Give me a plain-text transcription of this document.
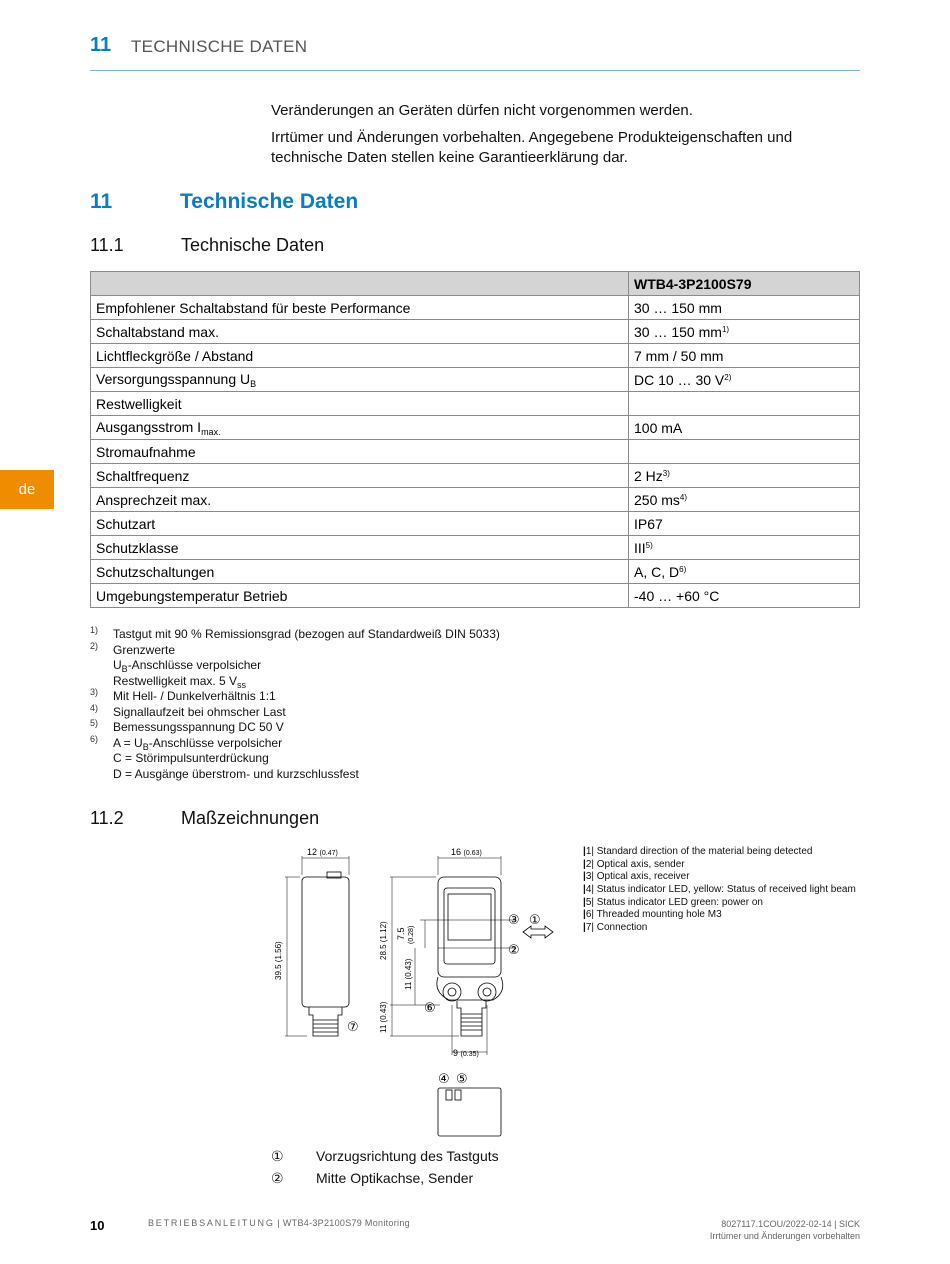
11 TECHNISCHE DATEN
de
Veränderungen an Geräten dürfen nicht vorgenommen werden.
Irrtümer und Änderungen vorbehalten. Angegebene Produkteigenschaften und technische Daten stellen keine Garantieerklärung dar.
11	Technische Daten
11.1	Technische Daten
	WTB4-3P2100S79
Empfohlener Schaltabstand für beste Performance	30 … 150 mm
Schaltabstand max.	30 … 150 $mm^{1)}$
Lichtfleckgröße / Abstand	7 mm / 50 mm
Versorgungsspannung $U_B$	DC 10 … 30 $V^{2)}$
Restwelligkeit	
Ausgangsstrom $I_{max.}$	100 mA
Stromaufnahme	
Schaltfrequenz	2 Hz$^{3)}$
Ansprechzeit max.	250 $ms^{4)}$
Schutzart	IP67
Schutzklasse	III$^{5)}$
Schutzschaltungen	A, C, $D^{6)}$
Umgebungstemperatur Betrieb	-40 … +60 °C
1) Tastgut mit 90 % Remissionsgrad (bezogen auf Standardweiß DIN 5033)
2) Grenzwerte
$U_B$-Anschlüsse verpolsicher
Restwelligkeit max. 5 $V_{ss}$
3) Mit Hell- / Dunkelverhältnis 1:1
4) Signallaufzeit bei ohmscher Last
5) Bemessungsspannung DC 50 V
6) $A = U_B$-Anschlüsse verpolsicher
C = Störimpulsunterdrückung
D = Ausgänge überstrom- und kurzschlussfest
11.2	Maßzeichnungen
12 (0.47)	16 (0.63)
39.5 (1.56)
28.5 (1.12) 7.5 (0.28)
11 (0.43)
11 (0.43)
9 (0.35)
③ ①
②
⑥
⑦
④ ⑤
|1| Standard direction of the material being detected
|2| Optical axis, sender
|3| Optical axis, receiver
|4| Status indicator LED, yellow: Status of received light beam
|5| Status indicator LED green: power on
|6| Threaded mounting hole M3
|7| Connection
① Vorzugsrichtung des Tastguts
② Mitte Optikachse, Sender
10	BETRIEBSANLEITUNG | WTB4-3P2100S79 Monitoring	8027117.1COU/2022-02-14 | SICK
Irrtümer und Änderungen vorbehalten
